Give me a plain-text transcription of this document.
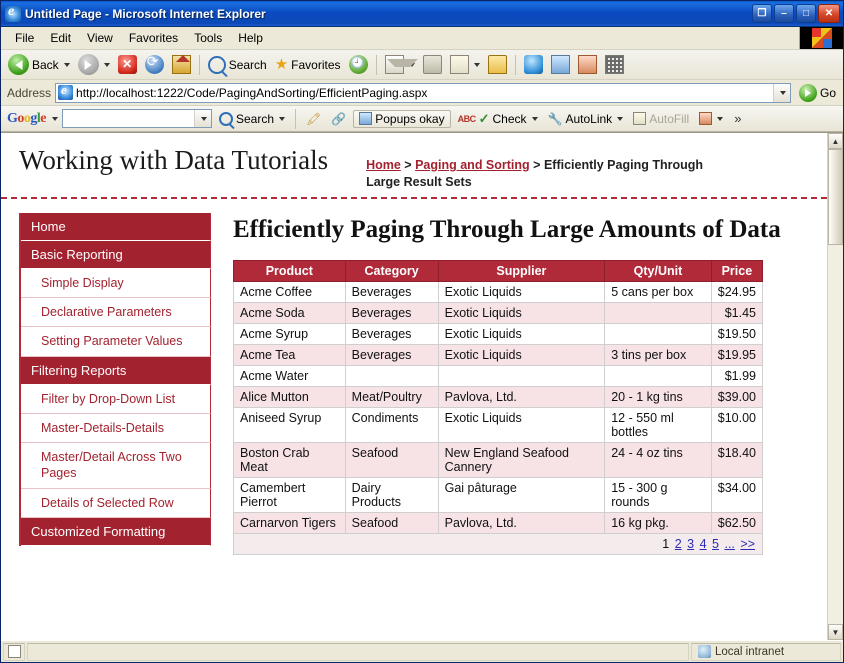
e
Untitled Page - Microsoft Internet Explorer	❐	–	□	✕
File	Edit	View	Favorites	Tools	Help
Back	✕ ⟳	Search ★ Favorites
🕘
Address e http://localhost:1222/Code/PagingAndSorting/EfficientPaging.aspx	Go
Google	Search	🖍 🔗 Popups okay ABC ✓ Check 🔧 AutoLink	AutoFill	»
Working with Data Tutorials	Home > Paging and Sorting > Efficiently Paging Through Large Result Sets
Home
Basic Reporting
Simple Display
Declarative Parameters
Setting Parameter Values
Filtering Reports
Filter by Drop-Down List
Master-Details-Details
Master/Detail Across Two Pages
Details of Selected Row
Customized Formatting
Efficiently Paging Through Large Amounts of Data
Product	Category	Supplier	Qty/Unit	Price
Acme Coffee	Beverages	Exotic Liquids	5 cans per box	$24.95
Acme Soda	Beverages	Exotic Liquids		$1.45
Acme Syrup	Beverages	Exotic Liquids		$19.50
Acme Tea	Beverages	Exotic Liquids	3 tins per box	$19.95
Acme Water				$1.99
Alice Mutton	Meat/Poultry	Pavlova, Ltd.	20 - 1 kg tins	$39.00
Aniseed Syrup	Condiments	Exotic Liquids	12 - 550 ml bottles	$10.00
Boston Crab Meat	Seafood	New England Seafood Cannery	24 - 4 oz tins	$18.40
Camembert Pierrot	Dairy Products	Gai pâturage	15 - 300 g rounds	$34.00
Carnarvon Tigers	Seafood	Pavlova, Ltd.	16 kg pkg.	$62.50
1 2 3 4 5 ... >>				
▲
▼
Local intranet
